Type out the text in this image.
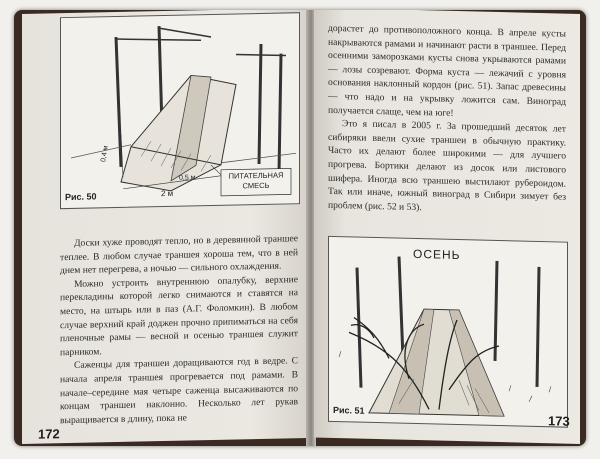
0,4 м
2 м
0,5 м	ПИТАТЕЛЬНАЯ СМЕСЬ
Рис. 50

Доски хуже проводят тепло, но в деревянной траншее теплее. В любом случае траншея хороша тем, что в ней днем нет перегрева, а ночью — сильного охлаждения.

Можно устроить внутреннюю опалубку, верхние перекладины которой легко снимаются и ставятся на место, на штырь или в паз (А.Г. Фоломкин). В любом случае верхний край доджен прочно припиматься на себя пленочные рамы — весной и осенью траншея служит парником.

Саженцы для траншеи доращиваются год в ведре. С начала апреля траншея прогревается под рамами. В начале–середине мая четыре саженца высаживаются по концам траншеи наклонно. Несколько лет рукав выращивается в длину, пока не

172

дорастет до противоположного конца. В апреле кусты накрываются рамами и начинают расти в траншее. Перед осенними заморозками кусты снова укрываются рамами — лозы созревают. Форма куста — лежачий с уровня основания наклонный кордон (рис. 51). Запас древесины — что надо и на укрывку ложится сам. Виноград получается слаще, чем на юге!

Это я писал в 2005 г. За прошедший десяток лет сибиряки ввели сухие траншеи в обычную практику. Часто их делают более широкими — для лучшего прогрева. Бортики делают из досок или листового шифера. Иногда всю траншею выстилают рубероидом. Так или иначе, южный виноград в Сибири зимует без проблем (рис. 52 и 53).

ОСЕНЬ
Рис. 51
173
